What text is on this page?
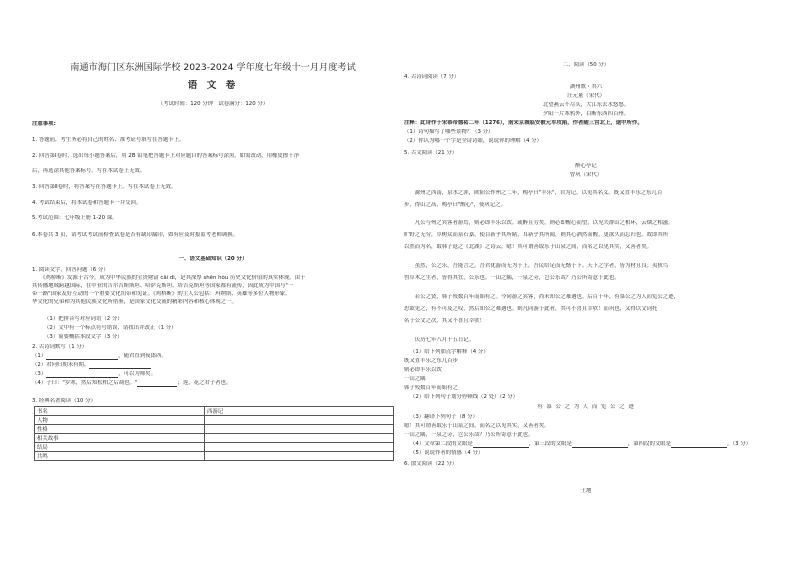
南通市海门区东洲国际学校 2023-2024 学年度七年级十一月月度考试
语 文 卷
（考试时间：120 分钟　试卷满分：120 分）
注意事项:
1. 答题前，考生务必将自己的姓名、准考证号填写在答题卡上。
2. 回答第Ⅰ卷时，选出每小题答案后，用 2B 铅笔把答题卡上对应题目的答案标号涂黑。如需改动，用橡皮擦干净
后，再选涂其他答案标号。写在本试卷上无效。
3. 回答第Ⅱ卷时，将答案写在答题卡上。写在本试卷上无效。
4. 考试结束后，将本试卷和答题卡一并交回。
5.考试范围：七年级上册 1-20 课。
6.本卷共 3 页，请考试考试前检查试卷是否有缺印漏印，如有应及时报监考老师调换。
一、语文基础知识（20 分）
1. 阅读文字，回答问题（6 分）
　　《鸡桥断》发源于古今。成为中华民族的宝贵财富 cāi dì，是其深厚 shēn hòu 历史文化价值的真实体现。由于
其传播地域跨越国际，在中亚的吉尔吉斯斯坦、哈萨克斯坦、塔吉克斯坦等国家都有流传，因此成为中国与"一
带一路"国家友好互动的一个重要文化纽带和见证。《鸡桥断》的主人公包括：玛纳斯、英雄等多位人物形象，
华文化的兄弟和为其他民族文化所借鉴，是国家文化交流的精彩内容和核心体现之一。
（1）把拼音写对应词语（2 分）
（2）文中有一个标点符号错误，请找出并改正（1 分）
（3）简要概括本段文字（3 分）
2. 古诗词默写（1 分）
（1）	，随君直到夜郎西。
（2）君问归期未有期，
（3）	，可以为师矣。
（4）子曰："岁寒，然后知松柏之后凋也。"	；莲，花之君子者也。
3. 经典名著阅读（10 分）
书名	西游记
人物	
性格	
相关故事	
结局	
共鸣	
二、阅读（50 分）
4. 古诗词阅读（7 分）
湖州歌・其六
汪元量（宋代）
北望燕云不尽头，大江东去水悠悠。
夕阳一片寒鸦外，目断东西四百州。
注释：此诗作于宋恭帝德祐二年（1276），南宋京城临安被元军攻陷，作者随三宫北上，途中所作。
（1）诗句描写了哪些景物？（3 分）
（2）你认为哪一个字是全诗诗眼，说说你的理解（4 分）
5. 古文阅读（21 分）
醉心亭记
曾巩（宋代）
　　滁州之西南，泉水之涯，欧阳公作州之二年，构亭曰"丰乐"，自为记，以见其名义。既又直丰乐之东几百
步，得山之高，构亭曰"醒心"，使巩记之。
　　凡公与州之宾客者游焉，则必即丰乐以饮。或醉且劳矣，则必即醒心而望，以见夫群山之相环，云烟之相滋，
旷野之无穷，草树众而泉石嘉，使目新乎其所睹，耳新乎其所闻，则其心洒然而醒，更欲久而忘归也。故即其所
以然而为名，取韩子退之《北湖》之诗云。噫！其可谓善取乐于山泉之间，而名之以见其实，又善者矣。
　　虽然，公之乐，吾能言之。吾君优游而无为于上，吾民给足而无憾于下。天下之学者，皆为材且良；夷狄鸟
兽草木之生者，皆得其宜，公乐也。一山之隅，一泉之旁，岂公乐哉？乃公所寄意于此也。
　　若公之贤，韩子殁数百年而始有之。今同游之宾客，尚未知公之难遇也。后百千年，有慕公之为人而览公之迹，
思欲见之，有不可及之叹，然后知公之难遇也。则凡同游于此者，其可不喜且幸欤！而巩也，又得以文词托
名于公文之次，其又不喜且幸欤！
　　庆历七年八月十五日记。
（1）给下列加点字解释（4 分）
既又直丰乐之东几百步
则必即丰乐以饮
一山之隅
韩子殁数百年而始有之
（2）给下列句子划分停顿线（2 处）（2 分）
有 慕 公 之 为 人 而 览 公 之 迹
（3）翻译下列句子（8 分）
噫！其可谓善取乐于山泉之间，而名之以见其实，又善者矣。
一山之隅，一泉之旁，岂公乐哉？乃公所寄意于此也。
（4）文章第二段的文眼是	，第三段的文眼是	，第四段的文眼是	。（3 分）
（5）说说作者的情感（4 分）
6. 散文阅读（22 分）
土地
